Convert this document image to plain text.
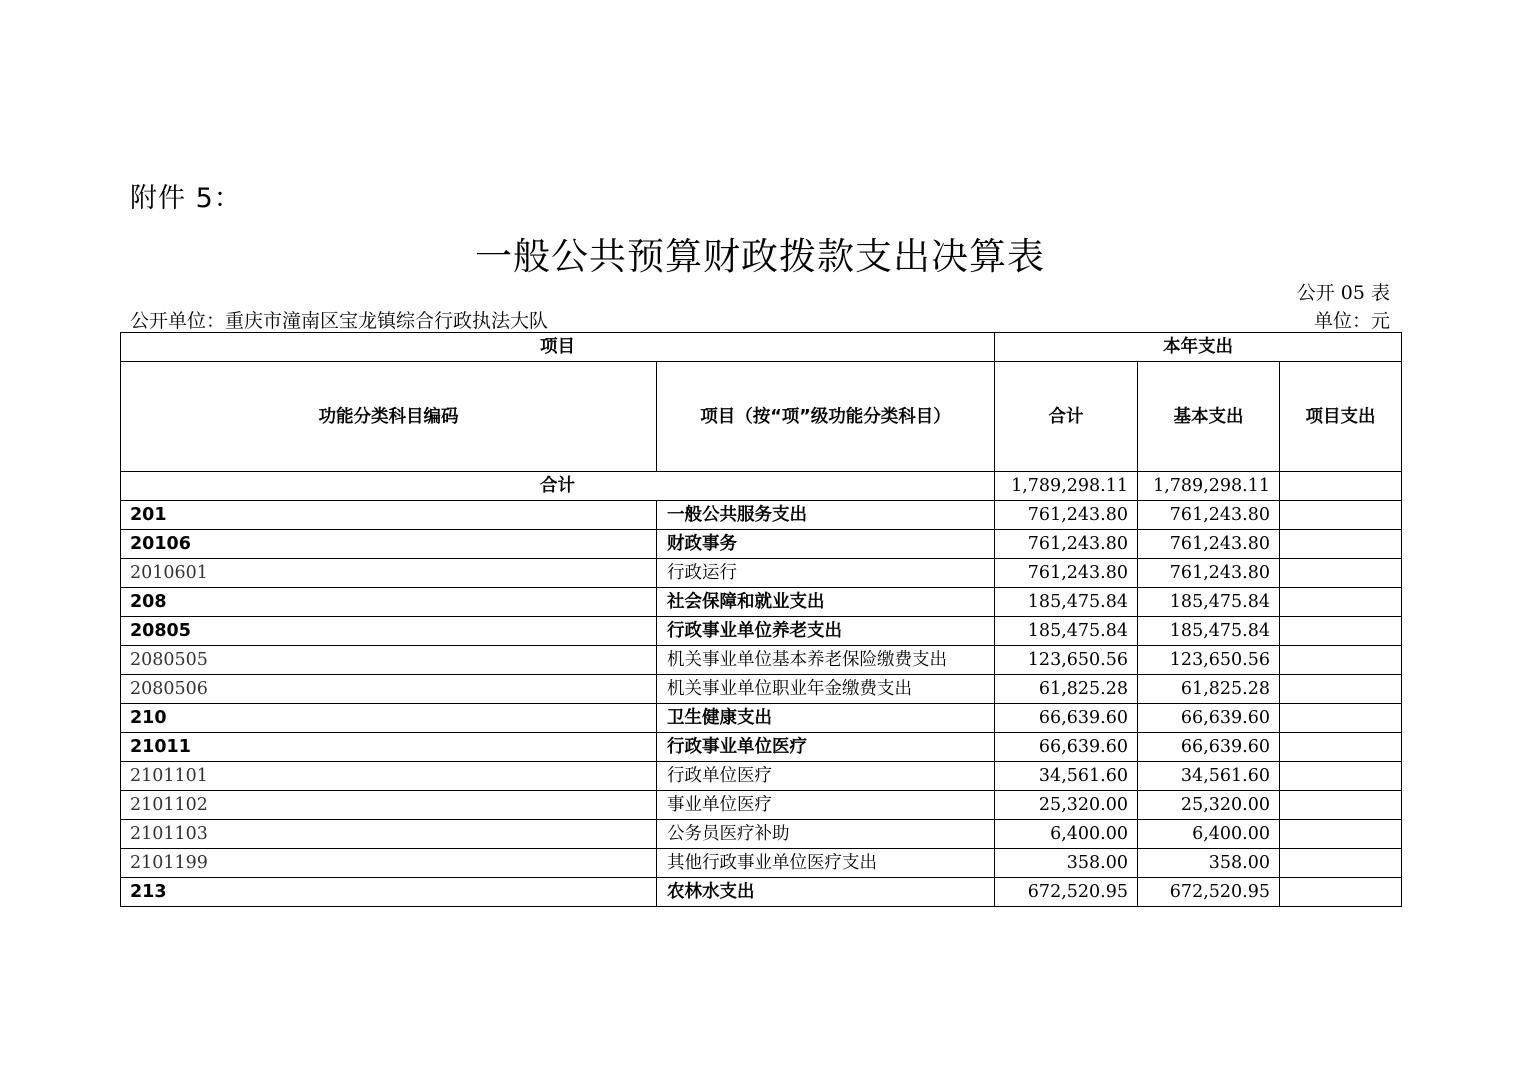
附件 5：
一般公共预算财政拨款支出决算表
公开 05 表
公开单位：重庆市潼南区宝龙镇综合行政执法大队	单位：元
项目		本年支出		
功能分类科目编码	项目（按“项”级功能分类科目）	合计	基本支出	项目支出
合计		1,789,298.11	1,789,298.11	
201	一般公共服务支出	761,243.80	761,243.80	
20106	财政事务	761,243.80	761,243.80	
2010601	行政运行	761,243.80	761,243.80	
208	社会保障和就业支出	185,475.84	185,475.84	
20805	行政事业单位养老支出	185,475.84	185,475.84	
2080505	机关事业单位基本养老保险缴费支出	123,650.56	123,650.56	
2080506	机关事业单位职业年金缴费支出	61,825.28	61,825.28	
210	卫生健康支出	66,639.60	66,639.60	
21011	行政事业单位医疗	66,639.60	66,639.60	
2101101	行政单位医疗	34,561.60	34,561.60	
2101102	事业单位医疗	25,320.00	25,320.00	
2101103	公务员医疗补助	6,400.00	6,400.00	
2101199	其他行政事业单位医疗支出	358.00	358.00	
213	农林水支出	672,520.95	672,520.95	
